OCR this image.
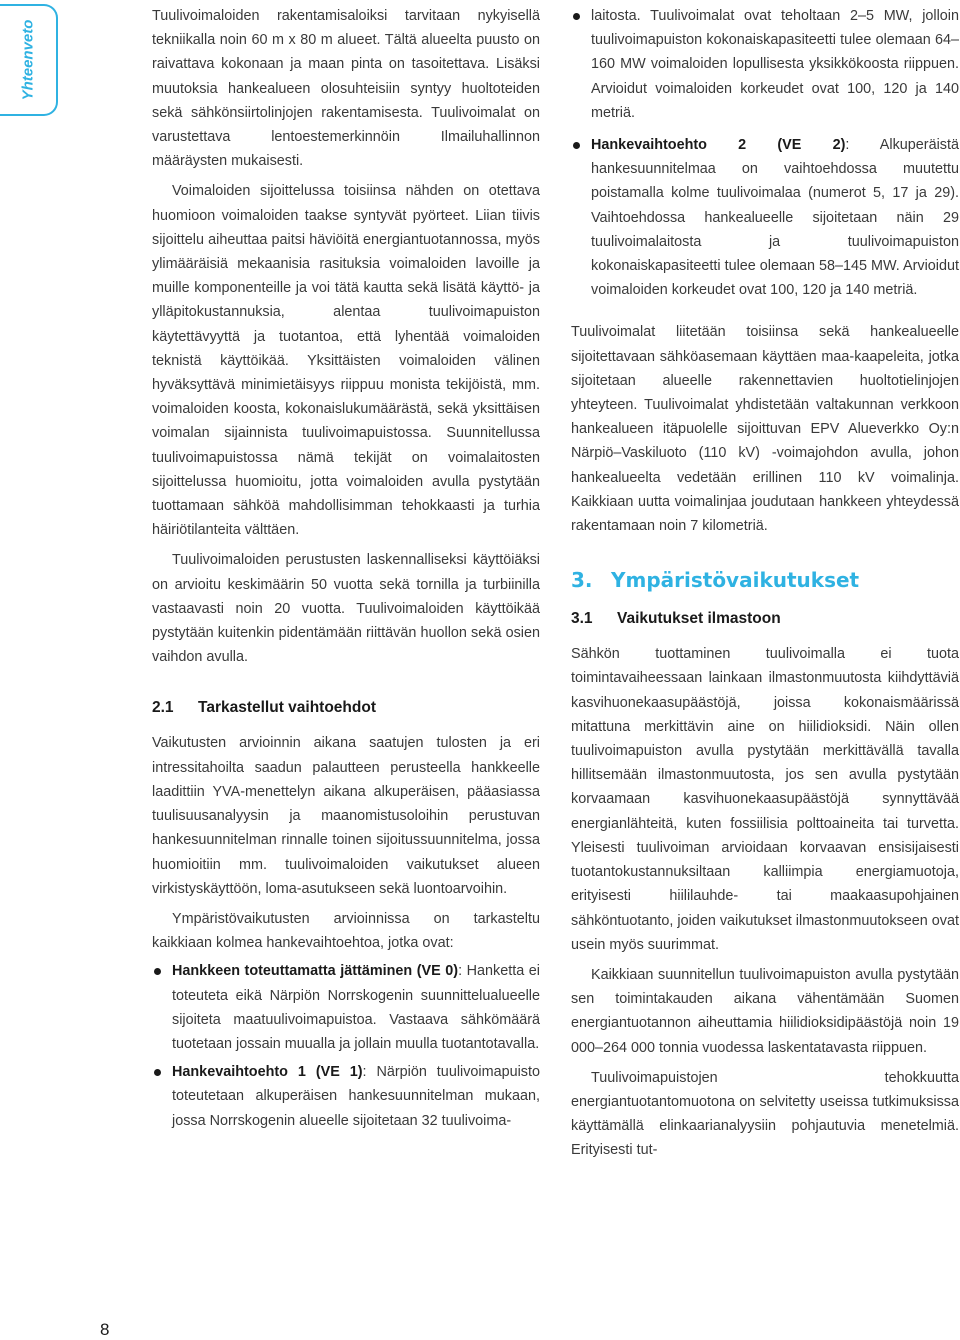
Yhteenveto

Tuulivoimaloiden rakentamisaloiksi tarvitaan nykyisellä tekniikalla noin 60 m x 80 m alueet. Tältä alueelta puusto on raivattava kokonaan ja maan pinta on tasoitettava. Lisäksi muutoksia hankealueen olosuhteisiin syntyy huoltoteiden sekä sähkönsiirtolinjojen rakentamisesta. Tuulivoimalat on varustettava lentoestemerkinnöin Ilmailuhallinnon määräysten mukaisesti.

Voimaloiden sijoittelussa toisiinsa nähden on otettava huomioon voimaloiden taakse syntyvät pyörteet. Liian tiivis sijoittelu aiheuttaa paitsi häviöitä energiantuotannossa, myös ylimääräisiä mekaanisia rasituksia voimaloiden lavoille ja muille komponenteille ja voi tätä kautta sekä lisätä käyttö- ja ylläpitokustannuksia, alentaa tuulivoimapuiston käytettävyyttä ja tuotantoa, että lyhentää voimaloiden teknistä käyttöikää. Yksittäisten voimaloiden välinen hyväksyttävä minimietäisyys riippuu monista tekijöistä, mm. voimaloiden koosta, kokonaislukumäärästä, sekä yksittäisen voimalan sijainnista tuulivoimapuistossa. Suunnitellussa tuulivoimapuistossa nämä tekijät on voimalaitosten sijoittelussa huomioitu, jotta voimaloiden avulla pystytään tuottamaan sähköä mahdollisimman tehokkaasti ja turhia häiriötilanteita välttäen.

Tuulivoimaloiden perustusten laskennalliseksi käyttöiäksi on arvioitu keskimäärin 50 vuotta sekä tornilla ja turbiinilla vastaavasti noin 20 vuotta. Tuulivoimaloiden käyttöikää pystytään kuitenkin pidentämään riittävän huollon sekä osien vaihdon avulla.

2.1 Tarkastellut vaihtoehdot

Vaikutusten arvioinnin aikana saatujen tulosten ja eri intressitahoilta saadun palautteen perusteella hankkeelle laadittiin YVA-menettelyn aikana alkuperäisen, pääasiassa tuulisuusanalyysin ja maanomistusoloihin perustuvan hankesuunnitelman rinnalle toinen sijoitussuunnitelma, jossa huomioitiin mm. tuulivoimaloiden vaikutukset alueen virkistyskäyttöön, loma-asutukseen sekä luontoarvoihin.

Ympäristövaikutusten arvioinnissa on tarkasteltu kaikkiaan kolmea hankevaihtoehtoa, jotka ovat:

Hankkeen toteuttamatta jättäminen (VE 0): Hanketta ei toteuteta eikä Närpiön Norrskogenin suunnittelualueelle sijoiteta maatuulivoimapuistoa. Vastaava sähkömäärä tuotetaan jossain muualla ja jollain muulla tuotantotavalla.
Hankevaihtoehto 1 (VE 1): Närpiön tuulivoimapuisto toteutetaan alkuperäisen hankesuunnitelman mukaan, jossa Norrskogenin alueelle sijoitetaan 32 tuulivoima-
laitosta. Tuulivoimalat ovat teholtaan 2–5 MW, jolloin tuulivoimapuiston kokonaiskapasiteetti tulee olemaan 64–160 MW voimaloiden lopullisesta yksikkökoosta riippuen. Arvioidut voimaloiden korkeudet ovat 100, 120 ja 140 metriä.
Hankevaihtoehto 2 (VE 2): Alkuperäistä hankesuunnitelmaa on vaihtoehdossa muutettu poistamalla kolme tuulivoimalaa (numerot 5, 17 ja 29). Vaihtoehdossa hankealueelle sijoitetaan näin 29 tuulivoimalaitosta ja tuulivoimapuiston kokonaiskapasiteetti tulee olemaan 58–145 MW. Arvioidut voimaloiden korkeudet ovat 100, 120 ja 140 metriä.

Tuulivoimalat liitetään toisiinsa sekä hankealueelle sijoitettavaan sähköasemaan käyttäen maa-kaapeleita, jotka sijoitetaan alueelle rakennettavien huoltotielinjojen yhteyteen. Tuulivoimalat yhdistetään valtakunnan verkkoon hankealueen itäpuolelle sijoittuvan EPV Alueverkko Oy:n Närpiö–Vaskiluoto (110 kV) -voimajohdon avulla, johon hankealueelta vedetään erillinen 110 kV voimalinja. Kaikkiaan uutta voimalinjaa joudutaan hankkeen yhteydessä rakentamaan noin 7 kilometriä.

3. Ympäristövaikutukset
3.1 Vaikutukset ilmastoon

Sähkön tuottaminen tuulivoimalla ei tuota toimintavaiheessaan lainkaan ilmastonmuutosta kiihdyttäviä kasvihuonekaasupäästöjä, joissa kokonaismäärissä mitattuna merkittävin aine on hiilidioksidi. Näin ollen tuulivoimapuiston avulla pystytään merkittävällä tavalla hillitsemään ilmastonmuutosta, jos sen avulla pystytään korvaamaan kasvihuonekaasupäästöjä synnyttävää energianlähteitä, kuten fossiilisia polttoaineita tai turvetta. Yleisesti tuulivoiman arvioidaan korvaavan ensisijaisesti tuotantokustannuksiltaan kalliimpia energiamuotoja, erityisesti hiililauhde- tai maakaasupohjainen sähköntuotanto, joiden vaikutukset ilmastonmuutokseen ovat usein myös suurimmat.

Kaikkiaan suunnitellun tuulivoimapuiston avulla pystytään sen toimintakauden aikana vähentämään Suomen energiantuotannon aiheuttamia hiilidioksidipäästöjä noin 19 000–264 000 tonnia vuodessa laskentatavasta riippuen.

Tuulivoimapuistojen tehokkuutta energiantuotantomuotona on selvitetty useissa tutkimuksissa käyttämällä elinkaarianalyysiin pohjautuvia menetelmiä. Erityisesti tut-

8
